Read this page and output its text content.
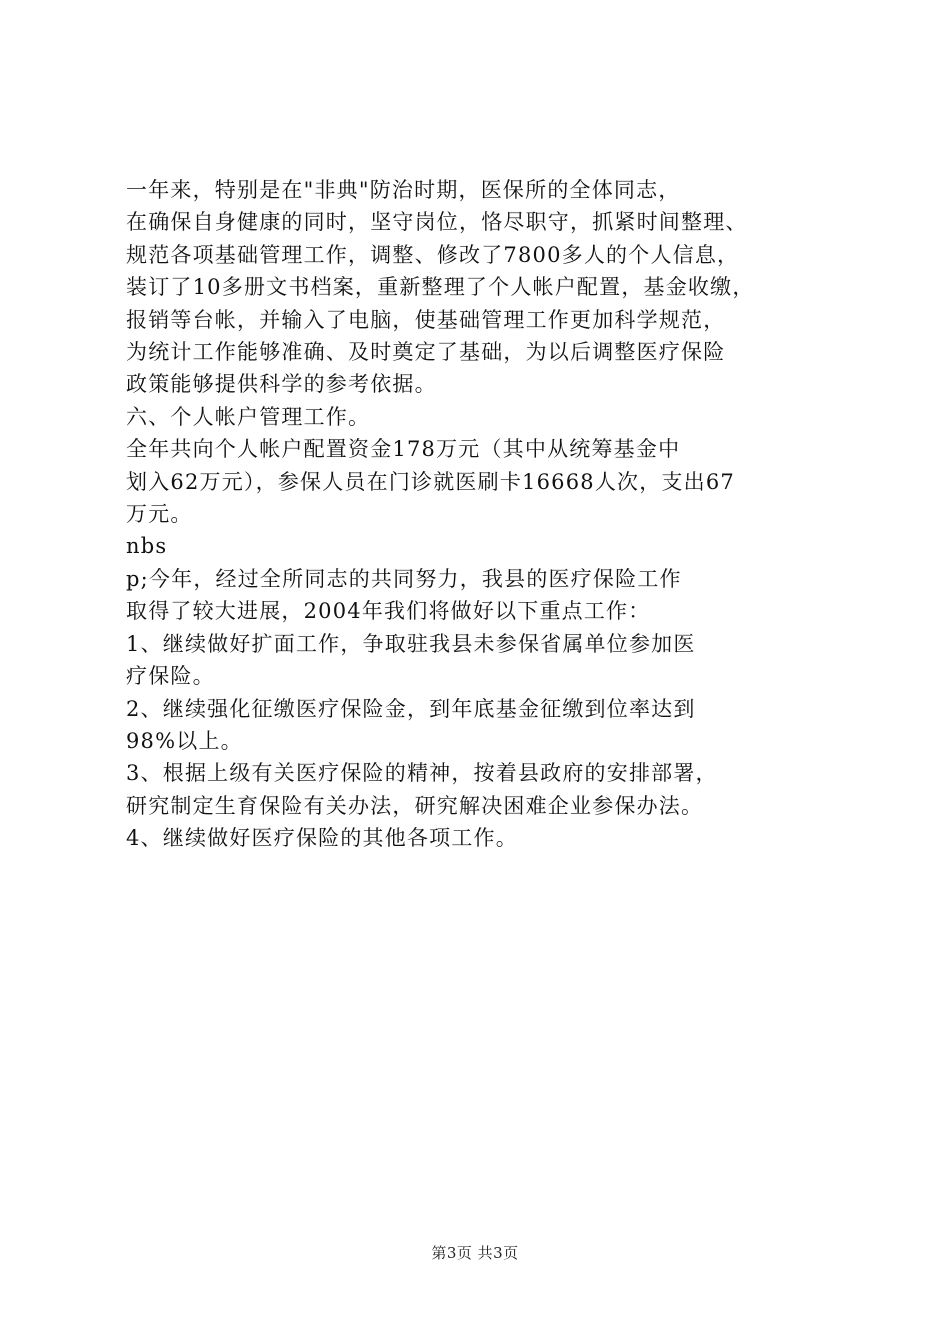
一年来，特别是在"非典"防治时期，医保所的全体同志，
在确保自身健康的同时，坚守岗位，恪尽职守，抓紧时间整理、
规范各项基础管理工作，调整、修改了7800多人的个人信息，
装订了10多册文书档案，重新整理了个人帐户配置，基金收缴，
报销等台帐，并输入了电脑，使基础管理工作更加科学规范，
为统计工作能够准确、及时奠定了基础，为以后调整医疗保险
政策能够提供科学的参考依据。
六、个人帐户管理工作。
全年共向个人帐户配置资金178万元（其中从统筹基金中
划入62万元），参保人员在门诊就医刷卡16668人次，支出67
万元。
nbs
p;今年，经过全所同志的共同努力，我县的医疗保险工作
取得了较大进展，2004年我们将做好以下重点工作：
1、继续做好扩面工作，争取驻我县未参保省属单位参加医
疗保险。
2、继续强化征缴医疗保险金，到年底基金征缴到位率达到
98%以上。
3、根据上级有关医疗保险的精神，按着县政府的安排部署，
研究制定生育保险有关办法，研究解决困难企业参保办法。
4、继续做好医疗保险的其他各项工作。
第3页 共3页
